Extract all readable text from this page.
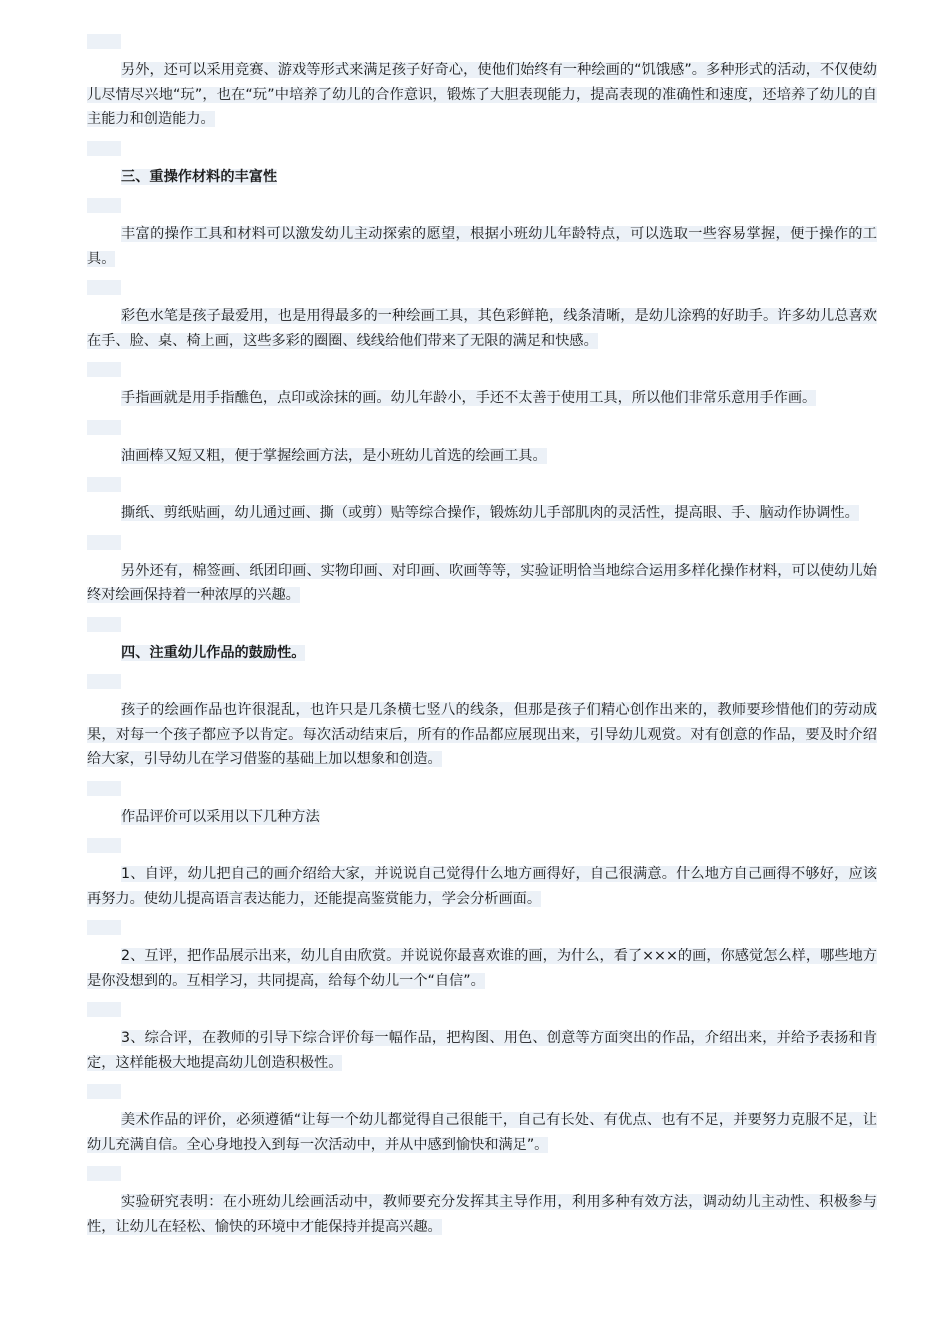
另外，还可以采用竞赛、游戏等形式来满足孩子好奇心，使他们始终有一种绘画的“饥饿感”。多种形式的活动，不仅使幼儿尽情尽兴地“玩”，也在“玩”中培养了幼儿的合作意识，锻炼了大胆表现能力，提高表现的准确性和速度，还培养了幼儿的自主能力和创造能力。
三、重操作材料的丰富性
丰富的操作工具和材料可以激发幼儿主动探索的愿望，根据小班幼儿年龄特点，可以选取一些容易掌握，便于操作的工具。
彩色水笔是孩子最爱用，也是用得最多的一种绘画工具，其色彩鲜艳，线条清晰，是幼儿涂鸦的好助手。许多幼儿总喜欢在手、脸、桌、椅上画，这些多彩的圈圈、线线给他们带来了无限的满足和快感。
手指画就是用手指醮色，点印或涂抹的画。幼儿年龄小，手还不太善于使用工具，所以他们非常乐意用手作画。
油画棒又短又粗，便于掌握绘画方法，是小班幼儿首选的绘画工具。
撕纸、剪纸贴画，幼儿通过画、撕（或剪）贴等综合操作，锻炼幼儿手部肌肉的灵活性，提高眼、手、脑动作协调性。
另外还有，棉签画、纸团印画、实物印画、对印画、吹画等等，实验证明恰当地综合运用多样化操作材料，可以使幼儿始终对绘画保持着一种浓厚的兴趣。
四、注重幼儿作品的鼓励性。
孩子的绘画作品也许很混乱，也许只是几条横七竖八的线条，但那是孩子们精心创作出来的，教师要珍惜他们的劳动成果，对每一个孩子都应予以肯定。每次活动结束后，所有的作品都应展现出来，引导幼儿观赏。对有创意的作品，要及时介绍给大家，引导幼儿在学习借鉴的基础上加以想象和创造。
作品评价可以采用以下几种方法
1、自评，幼儿把自己的画介绍给大家，并说说自己觉得什么地方画得好，自己很满意。什么地方自己画得不够好，应该再努力。使幼儿提高语言表达能力，还能提高鉴赏能力，学会分析画面。
2、互评，把作品展示出来，幼儿自由欣赏。并说说你最喜欢谁的画，为什么，看了×××的画，你感觉怎么样，哪些地方是你没想到的。互相学习，共同提高，给每个幼儿一个“自信”。
3、综合评，在教师的引导下综合评价每一幅作品，把构图、用色、创意等方面突出的作品，介绍出来，并给予表扬和肯定，这样能极大地提高幼儿创造积极性。
美术作品的评价，必须遵循“让每一个幼儿都觉得自己很能干，自己有长处、有优点、也有不足，并要努力克服不足，让幼儿充满自信。全心身地投入到每一次活动中，并从中感到愉快和满足”。
实验研究表明：在小班幼儿绘画活动中，教师要充分发挥其主导作用，利用多种有效方法，调动幼儿主动性、积极参与性，让幼儿在轻松、愉快的环境中才能保持并提高兴趣。
